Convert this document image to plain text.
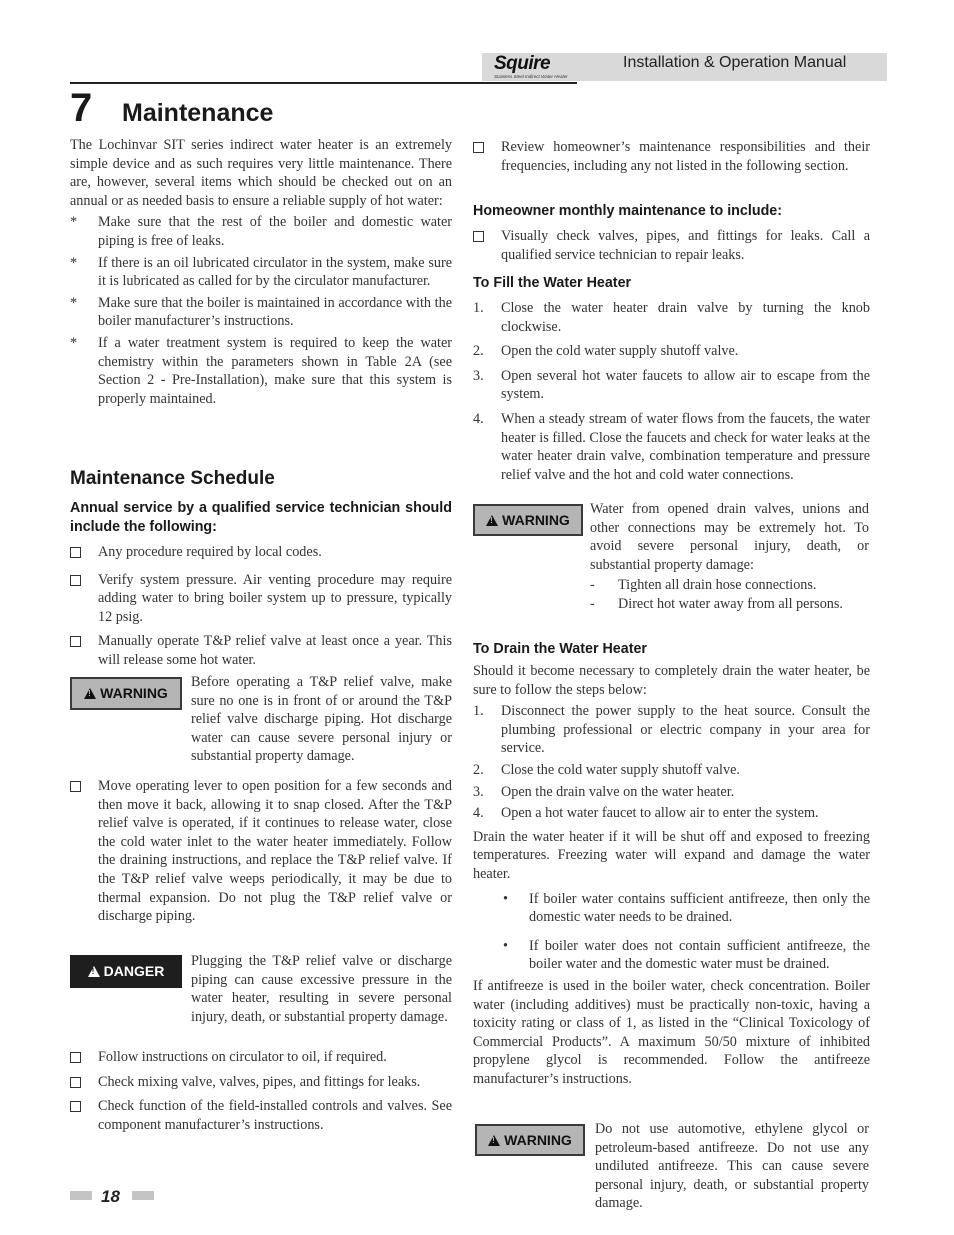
Squire
Stainless Steel Indirect Water Heater
Installation & Operation Manual
7 Maintenance

The Lochinvar SIT series indirect water heater is an extremely simple device and as such requires very little maintenance. There are, however, several items which should be checked out on an annual or as needed basis to ensure a reliable supply of hot water:

* Make sure that the rest of the boiler and domestic water piping is free of leaks.
* If there is an oil lubricated circulator in the system, make sure it is lubricated as called for by the circulator manufacturer.
* Make sure that the boiler is maintained in accordance with the boiler manufacturer’s instructions.
* If a water treatment system is required to keep the water chemistry within the parameters shown in Table 2A (see Section 2 - Pre-Installation), make sure that this system is properly maintained.
Maintenance Schedule
Annual service by a qualified service technician should include the following:
Any procedure required by local codes.
Verify system pressure. Air venting procedure may require adding water to bring boiler system up to pressure, typically 12 psig.
Manually operate T&P relief valve at least once a year. This will release some hot water.
!
WARNING
Before operating a T&P relief valve, make sure no one is in front of or around the T&P relief valve discharge piping. Hot discharge water can cause severe personal injury or substantial property damage.
Move operating lever to open position for a few seconds and then move it back, allowing it to snap closed. After the T&P relief valve is operated, if it continues to release water, close the cold water inlet to the water heater immediately. Follow the draining instructions, and replace the T&P relief valve. If the T&P relief valve weeps periodically, it may be due to thermal expansion. Do not plug the T&P relief valve or discharge piping.
!
DANGER
Plugging the T&P relief valve or discharge piping can cause excessive pressure in the water heater, resulting in severe personal injury, death, or substantial property damage.
Follow instructions on circulator to oil, if required.
Check mixing valve, valves, pipes, and fittings for leaks.
Check function of the field-installed controls and valves. See component manufacturer’s instructions.
Review homeowner’s maintenance responsibilities and their frequencies, including any not listed in the following section.
Homeowner monthly maintenance to include:
Visually check valves, pipes, and fittings for leaks. Call a qualified service technician to repair leaks.
To Fill the Water Heater
1. Close the water heater drain valve by turning the knob clockwise.
2. Open the cold water supply shutoff valve.
3. Open several hot water faucets to allow air to escape from the system.
4. When a steady stream of water flows from the faucets, the water heater is filled. Close the faucets and check for water leaks at the water heater drain valve, combination temperature and pressure relief valve and the hot and cold water connections.
!
WARNING
Water from opened drain valves, unions and other connections may be extremely hot. To avoid severe personal injury, death, or substantial property damage:
- Tighten all drain hose connections.
- Direct hot water away from all persons.
To Drain the Water Heater

Should it become necessary to completely drain the water heater, be sure to follow the steps below:

1. Disconnect the power supply to the heat source. Consult the plumbing professional or electric company in your area for service.
2. Close the cold water supply shutoff valve.
3. Open the drain valve on the water heater.
4. Open a hot water faucet to allow air to enter the system.

Drain the water heater if it will be shut off and exposed to freezing temperatures. Freezing water will expand and damage the water heater.

• If boiler water contains sufficient antifreeze, then only the domestic water needs to be drained.
• If boiler water does not contain sufficient antifreeze, the boiler water and the domestic water must be drained.

If antifreeze is used in the boiler water, check concentration. Boiler water (including additives) must be practically non-toxic, having a toxicity rating or class of 1, as listed in the “Clinical Toxicology of Commercial Products”. A maximum 50/50 mixture of inhibited propylene glycol is recommended. Follow the antifreeze manufacturer’s instructions.

!
WARNING
Do not use automotive, ethylene glycol or petroleum-based antifreeze. Do not use any undiluted antifreeze. This can cause severe personal injury, death, or substantial property damage.
18
